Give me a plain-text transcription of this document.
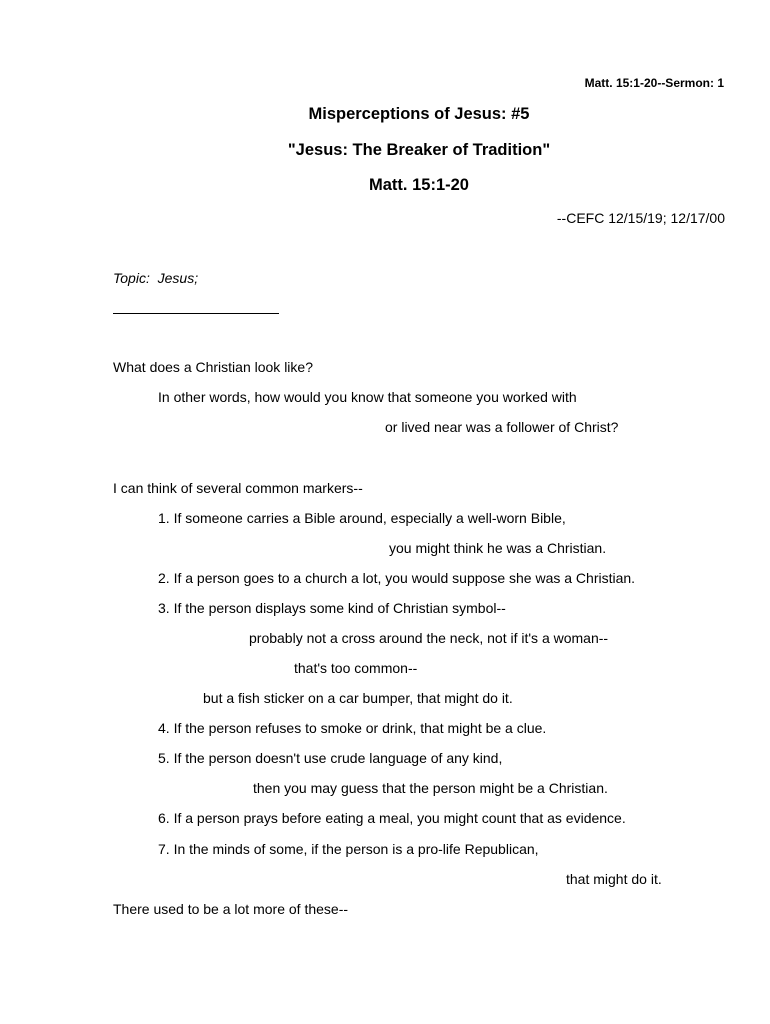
Matt. 15:1-20--Sermon: 1
Misperceptions of Jesus: #5
"Jesus: The Breaker of Tradition"
Matt. 15:1-20
--CEFC 12/15/19; 12/17/00
Topic:  Jesus;
What does a Christian look like?
In other words, how would you know that someone you worked with
or lived near was a follower of Christ?
I can think of several common markers--
1. If someone carries a Bible around, especially a well-worn Bible,
you might think he was a Christian.
2. If a person goes to a church a lot, you would suppose she was a Christian.
3. If the person displays some kind of Christian symbol--
probably not a cross around the neck, not if it's a woman--
that's too common--
but a fish sticker on a car bumper, that might do it.
4. If the person refuses to smoke or drink, that might be a clue.
5. If the person doesn't use crude language of any kind,
then you may guess that the person might be a Christian.
6. If a person prays before eating a meal, you might count that as evidence.
7. In the minds of some, if the person is a pro-life Republican,
that might do it.
There used to be a lot more of these--
